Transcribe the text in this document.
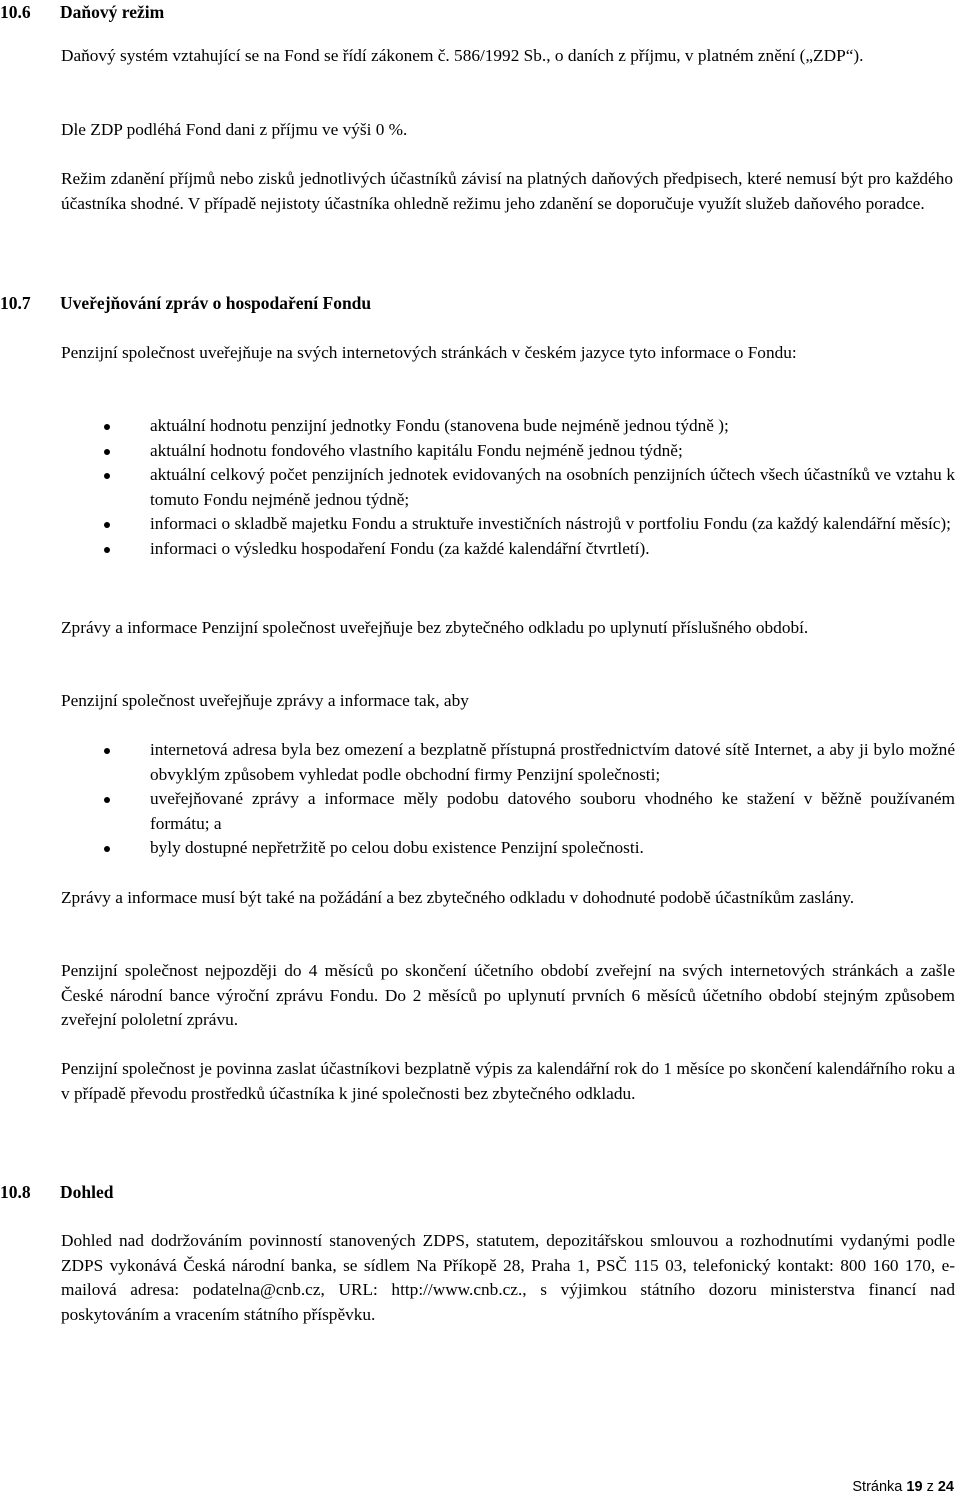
10.6 Daňový režim

Daňový systém vztahující se na Fond se řídí zákonem č. 586/1992 Sb., o daních z příjmu, v platném znění („ZDP“).

Dle ZDP podléhá Fond dani z příjmu ve výši 0 %.

Režim zdanění příjmů nebo zisků jednotlivých účastníků závisí na platných daňových předpisech, které nemusí být pro každého účastníka shodné. V případě nejistoty účastníka ohledně režimu jeho zdanění se doporučuje využít služeb daňového poradce.

10.7 Uveřejňování zpráv o hospodaření Fondu

Penzijní společnost uveřejňuje na svých internetových stránkách v českém jazyce tyto informace o Fondu:

aktuální hodnotu penzijní jednotky Fondu (stanovena bude nejméně jednou týdně );
aktuální hodnotu fondového vlastního kapitálu Fondu nejméně jednou týdně;
aktuální celkový počet penzijních jednotek evidovaných na osobních penzijních účtech všech účastníků ve vztahu k tomuto Fondu nejméně jednou týdně;
informaci o skladbě majetku Fondu a struktuře investičních nástrojů v portfoliu Fondu (za každý kalendářní měsíc);
informaci o výsledku hospodaření Fondu (za každé kalendářní čtvrtletí).

Zprávy a informace Penzijní společnost uveřejňuje bez zbytečného odkladu po uplynutí příslušného období.

Penzijní společnost uveřejňuje zprávy a informace tak, aby

internetová adresa byla bez omezení a bezplatně přístupná prostřednictvím datové sítě Internet, a aby ji bylo možné obvyklým způsobem vyhledat podle obchodní firmy Penzijní společnosti;
uveřejňované zprávy a informace měly podobu datového souboru vhodného ke stažení v běžně používaném formátu; a
byly dostupné nepřetržitě po celou dobu existence Penzijní společnosti.

Zprávy a informace musí být také na požádání a bez zbytečného odkladu v dohodnuté podobě účastníkům zaslány.

Penzijní společnost nejpozději do 4 měsíců po skončení účetního období zveřejní na svých internetových stránkách a zašle České národní bance výroční zprávu Fondu. Do 2 měsíců po uplynutí prvních 6 měsíců účetního období stejným způsobem zveřejní pololetní zprávu.

Penzijní společnost je povinna zaslat účastníkovi bezplatně výpis za kalendářní rok do 1 měsíce po skončení kalendářního roku a v případě převodu prostředků účastníka k jiné společnosti bez zbytečného odkladu.

10.8 Dohled

Dohled nad dodržováním povinností stanovených ZDPS, statutem, depozitářskou smlouvou a rozhodnutími vydanými podle ZDPS vykonává Česká národní banka, se sídlem Na Příkopě 28, Praha 1, PSČ 115 03, telefonický kontakt: 800 160 170, e-mailová adresa: podatelna@cnb.cz, URL: http://www.cnb.cz., s výjimkou státního dozoru ministerstva financí nad poskytováním a vracením státního příspěvku.

Stránka 19 z 24
